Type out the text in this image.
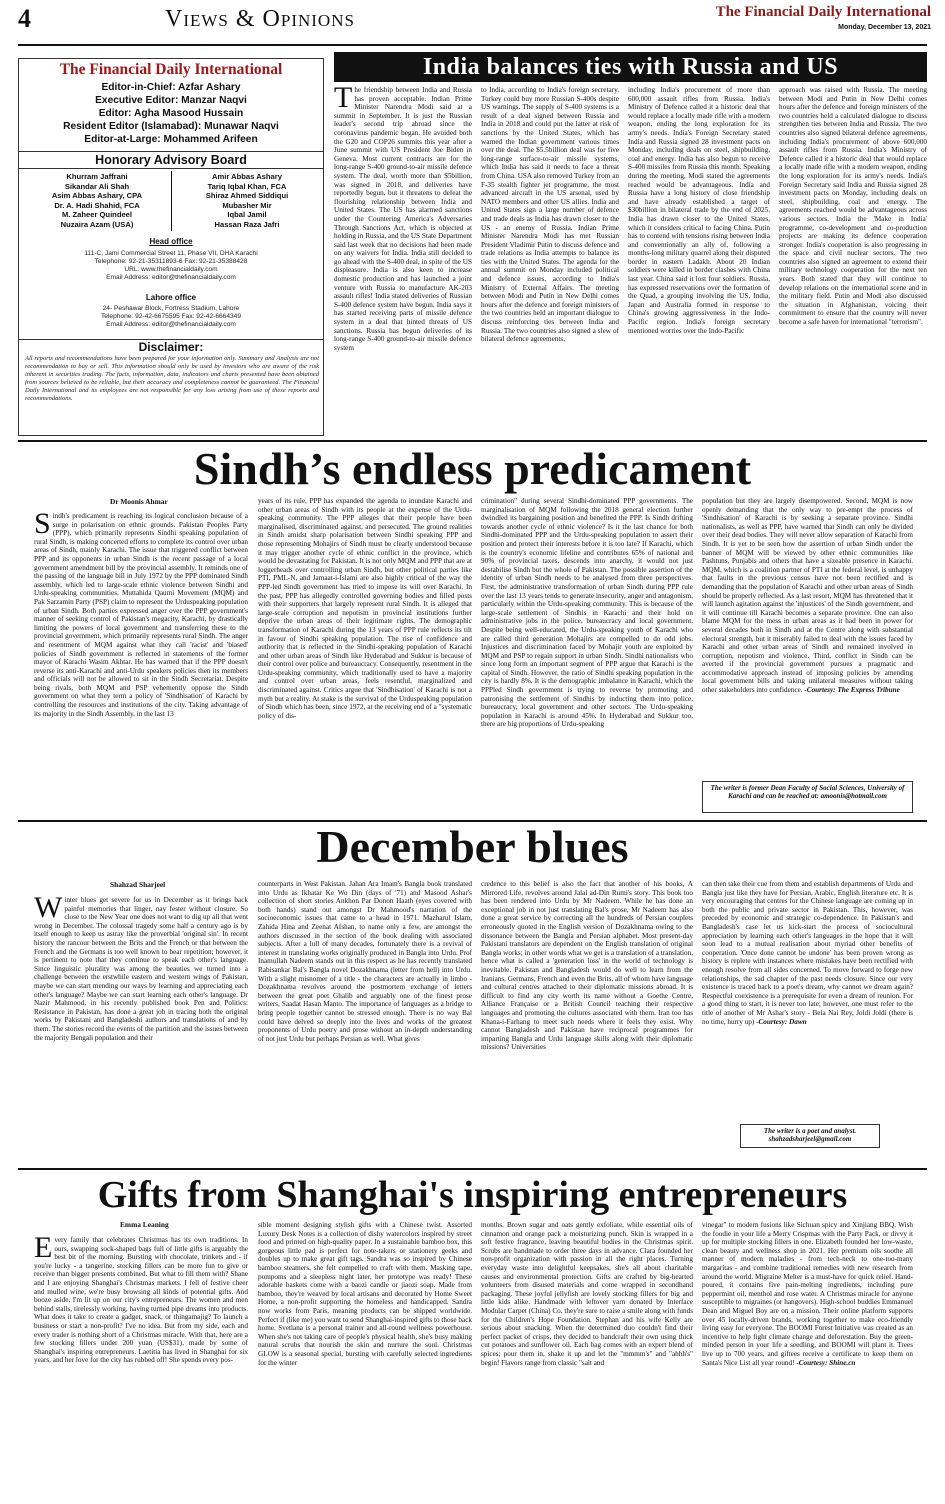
4	Views & Opinions	The Financial Daily International
Monday, December 13, 2021
The Financial Daily International
Editor-in-Chief: Azfar Ashary
Executive Editor: Manzar Naqvi
Editor: Agha Masood Hussain
Resident Editor (Islamabad): Munawar Naqvi
Editor-at-Large: Mohammed Arifeen
Honorary Advisory Board
Khurram Jaffrani
Sikandar Ali Shah
Asim Abbas Ashary, CPA
Dr. A. Hadi Shahid, FCA
M. Zaheer Quindeel
Nuzaira Azam (USA)
Amir Abbas Ashary
Tariq Iqbal Khan, FCA
Shiraz Ahmed Siddiqui
Mubasher Mir
Iqbal Jamil
Hassan Raza Jafri
Head office
111-C, Jami Commercial Street 11, Phase VII, DHA Karachi
Telephone: 92-21-35311893-6 Fax: 92-21-35388428
URL: www.thefinancialdaily.com
Email Address: editor@thefinancialdaily.com
Lahore office
24- Peshawar Block, Fortress Stadium, Lahore
Telephone: 92-42-6675595 Fax: 92-42-6664349
Email Address: editor@thefinancialdaily.com
Disclaimer:
All reports and recommendations have been prepared for your information only. Summary and Analysis are not recommendation to buy or sell. This information should only be used by investors who are aware of the risk inherent in securities trading. The facts, information, data, indicators and charts presented have been obtained from sources believed to be reliable, but their accuracy and completeness cannot be guaranteed. The Financial Daily International and its employees are not responsible for any loss arising from use of these reports and recommendations.
India balances ties with Russia and US
The friendship between India and Russia has proven acceptable. Indian Prime Minister Narendra Modi said at a summit in September. It is just the Russian leader's second trip abroad since the coronavirus pandemic began. He avoided both the G20 and COP26 summits this year after a June summit with US President Joe Biden in Geneva. Most current contracts are for the long-range S-400 ground-to-air missile defence system. The deal, worth more than $5billion, was signed in 2018, and deliveries have reportedly begun, but it threatens to defeat the flourishing relationship between India and United States. The US has alarmed sanctions under the Countering America's Adversaries Through Sanctions Act, which is objected at holding in Russia, and the US State Department said last week that no decisions had been made on any waivers for India. India still decided to go ahead with the S-400 deal, in spite of the US displeasure. India is also keen to increase domestic production and has launched a joint venture with Russia to manufacture AK-203 assault rifles! India stated deliveries of Russian S-400 defence system have begun. India says it has started receiving parts of missile defence system in a deal that hinted threats of US sanctions. Russia has begun deliveries of its long-range S-400 ground-to-air missile defence system
to India, according to India's foreign secretary. Turkey could buy more Russian S-400s despite US warnings. The supply of S-400 systems is a result of a deal signed between Russia and India in 2018 and could put the latter at risk of sanctions by the United States, which has warned the Indian government various times over the deal. The $5.5billion deal was for five long-range surface-to-air missile systems, which India has said it needs to face a threat from China. USA also removed Turkey from an F-35 stealth fighter jet programme, the most advanced aircraft in the US arsenal, used by NATO members and other US allies. India and United States sign a large number of defence and trade deals as India has drawn closer to the US - an enemy of Russia. Indian Prime Minister Narendra Modi has met Russian President Vladimir Putin to discuss defence and trade relations as India attempts to balance its ties with the United States. The agenda for the annual summit on Monday included political and defence issues, according to India's Ministry of External Affairs. The meeting between Modi and Putin in New Delhi comes hours after the defence and foreign ministers of the two countries held an important dialogue to discuss reinforcing ties between India and Russia. The two countries also signed a slew of bilateral defence agreements,
including India's procurement of more than 600,000 assault rifles from Russia. India's Ministry of Defence called it a historic deal that would replace a locally made rifle with a modern weapon, ending the long exploration for its army's needs. India's Foreign Secretary stated India and Russia signed 28 investment pacts on Monday, including deals on steel, shipbuilding, coal and energy. India has also begun to receive S-400 missiles from Russia this month. Speaking during the meeting, Modi stated the agreements reached would be advantageous. India and Russia have a long history of close friendship and have already established a target of $30billion in bilateral trade by the end of 2025. India has drawn closer to the United States, which it considers critical to facing China. Putin has to contend with tensions rising between India and conventionally an ally of, following a months-long military quarrel along their disputed border in eastern Ladakh. About 20 Indian soldiers were killed in border clashes with China last year. China said it lost four soldiers. Russia, has expressed reservations over the formation of the Quad, a grouping involving the US, India, Japan and Australia formed in response to China's growing aggressiveness in the Indo-Pacific region. India's foreign secretary mentioned worries over the Indo-Pacific
approach was raised with Russia. The meeting between Modi and Putin in New Delhi comes hours after the defence and foreign ministers of the two countries held a calculated dialogue to discuss strengthen ties between India and Russia. The two countries also signed bilateral defence agreements, including India's procurement of above 600,000 assault rifles from Russia. India's Ministry of Defence called it a historic deal that would replace a locally made rifle with a modern weapon, ending the long exploration for its army's needs. India's Foreign Secretary said India and Russia signed 28 investment pacts on Monday, including deals on steel, shipbuilding, coal and energy. The agreements reached would be advantageous across various sectors. India the 'Make in India' programme, co-development and co-production projects are making its defence cooperation stronger. India's cooperation is also progressing in the space and civil nuclear sectors. The two countries also signed an agreement to extend their military technology cooperation for the next ten years. Both stated that they will continue to develop relations on the international scene and in the military field. Putin and Modi also discussed the situation in Afghanistan, voicing their commitment to ensure that the country will never become a safe haven for international "terrorism".
Sindh’s endless predicament
Dr Moonis Ahmar
Sindh's predicament is reaching its logical conclusion because of a surge in polarisation on ethnic grounds. Pakistan Peoples Party (PPP), which primarily represents Sindhi speaking population of rural Sindh, is making concerted efforts to complete its control over urban areas of Sindh, mainly Karachi. The issue that triggered conflict between PPP and its opponents in urban Sindh is the recent passage of a local government amendment bill by the provincial assembly. It reminds one of the passing of the language bill in July 1972 by the PPP dominated Sindh assembly, which led to large-scale ethnic violence between Sindhi and Urdu-speaking communities. Muttahida Qaumi Movement (MQM) and Pak Sarzamin Party (PSP) claim to represent the Urduspeaking population of urban Sindh. Both parties expressed anger over the PPP government's manner of seeking control of Pakistan's megacity, Karachi, by drastically limiting the powers of local government and transferring these to the provincial government, which primarily represents rural Sindh. The anger and resentment of MQM against what they call 'racist' and 'biased' policies of Sindh government is reflected in statements of the former mayor of Karachi Wasim Akhtar. He has warned that if the PPP doesn't reverse its anti-Karachi and anti-Urdu speakers policies then its members and officials will not be allowed to sit in the Sindh Secretariat. Despite being rivals, both MQM and PSP vehemently oppose the Sindh government on what they term a policy of 'Sindhisation' of Karachi by controlling the resources and institutions of the city. Taking advantage of its majority in the Sindh Assembly, in the last 13
years of its rule, PPP has expanded the agenda to inundate Karachi and other urban areas of Sindh with its people at the expense of the Urdu-speaking community. The PPP alleges that their people have been marginalised, discriminated against, and persecuted. The ground realities in Sindh amidst sharp polarisation between Sindhi speaking PPP and those representing Mohajirs of Sindh must be clearly understood because it may trigger another cycle of ethnic conflict in the province, which would be devastating for Pakistan. It is not only MQM and PPP that are at loggerheads over controlling urban Sindh, but other political parties like PTI, PML-N, and Jamaat-i-Islami are also highly critical of the way the PPP-led Sindh government has tried to impose its will over Karachi. In the past, PPP has allegedly controlled governing bodies and filled posts with their supporters that largely represent rural Sindh. It is alleged that large-scale corruption and nepotism in provincial institutions further deprive the urban areas of their legitimate rights. The demographic transformation of Karachi during the 13 years of PPP rule reflects its tilt in favour of Sindhi speaking population. The rise of confidence and authority that is reflected in the Sindhi-speaking population of Karachi and other urban areas of Sindh like Hyderabad and Sukkur is because of their control over police and bureaucracy. Consequently, resentment in the Urdu-speaking community, which traditionally used to have a majority and control over urban areas, feels resentful, marginalized and discriminated against. Critics argue that 'Sindhisation' of Karachi is not a myth but a reality. At stake is the survival of the Urduspeaking population of Sindh which has been, since 1972, at the receiving end of a "systematic policy of dis-
crimination" during several Sindhi-dominated PPP governments. The marginalisation of MQM following the 2018 general election further dwindled its bargaining position and benefited the PPP. Is Sindh drifting towards another cycle of ethnic violence? Is it the last chance for both Sindhi-dominated PPP and the Urdu-speaking population to assert their position and protect their interests before it is too late? If Karachi, which is the country's economic lifeline and contributes 65% of national and 90% of provincial taxes, descends into anarchy, it would not just destabilise Sindh but the whole of Pakistan. The possible assertion of the identity of urban Sindh needs to be analysed from three perspectives. First, the administrative transformation of urban Sindh during PPP rule over the last 13 years tends to generate insecurity, anger and antagonism, particularly within the Urdu-speaking community. This is because of the large-scale settlement of Sindhis in Karachi and their hold on administrative jobs in the police, bureaucracy and local government. Despite being well-educated, the Urdu-speaking youth of Karachi who are called third generation Mohajirs are compelled to do odd jobs. Injustices and discrimination faced by Mohajir youth are exploited by MQM and PSP to regain support in urban Sindh. Sindhi nationalists who since long form an important segment of PPP argue that Karachi is the capital of Sindh. However, the ratio of Sindhi speaking population in the city is hardly 8%. It is the demographic imbalance in Karachi, which the PPPled Sindh government is trying to reverse by promoting and patronising the settlement of Sindhis by inducting them into police, bureaucracy, local government and other sectors. The Urdu-speaking population in Karachi is around 45%. In Hyderabad and Sukkur too, there are big proportions of Urdu-speaking
population but they are largely disempowered. Second, MQM is now openly demanding that the only way to pre-empt the process of 'Sindhisation' of Karachi is by seeking a separate province. Sindhi nationalists, as well as PPP, have warned that Sindh can only be divided over their dead bodies. They will never allow separation of Karachi from Sindh. It is yet to be seen how the assertion of urban Sindh under the banner of MQM will be viewed by other ethnic communities like Pashtuns, Punjabis and others that have a sizeable presence in Karachi. MQM, which is a coalition partner of PTI at the federal level, is unhappy that faults in the previous census have not been rectified and is demanding that the population of Karachi and other urban areas of Sindh should be properly reflected. As a last resort, MQM has threatened that it will launch agitation against the 'injustices' of the Sindh government, and it will continue till Karachi becomes a separate province. One can also blame MQM for the mess in urban areas as it had been in power for several decades both in Sindh and at the Centre along with substantial electoral strength, but it miserably failed to deal with the issues faced by Karachi and other urban areas of Sindh and remained involved in corruption, nepotism and violence. Third, conflict in Sindh can be averted if the provincial government pursues a pragmatic and accommodative approach instead of imposing policies by amending local government bills and taking unilateral measures without taking other stakeholders into confidence. -Courtesy: The Express Tribune
The writer is former Dean Faculty of Social Sciences, University of Karachi and can be reached at: amoonis@hotmail.com
December blues
Shahzad Sharjeel
Winter blues get severe for us in December as it brings back painful memories that linger, nay fester without closure. So close to the New Year one does not want to dig up all that went wrong in December. The colossal tragedy some half a century ago is by itself enough to keep us astray like the proverbial 'original sin'. In recent history the rancour between the Brits and the French or that between the French and the Germans is too well known to bear repetition; however, it is pertinent to note that they continue to speak each other's language. Since linguistic plurality was among the beauties we turned into a challenge between the erstwhile eastern and western wings of Pakistan, maybe we can start mending our ways by learning and appreciating each other's language? Maybe we can start learning each other's language. Dr Nazir Mahmood, in his recently published book Pen and Politics: Resistance in Pakistan, has done a great job in tracing both the original works by Pakistani and Bangladeshi authors and translations of and by them. The stories record the events of the partition and the issues between the majority Bengali population and their
counterparts in West Pakistan. Jahan Ara Imam's Bangla book translated into Urdu as Ikhatar Ke Wo Din (days of '71) and Masood Ashar's collection of short stories Ankhon Par Donon Haath (eyes covered with both hands) stand out amongst Dr Mahmood's narration of the socioeconomic issues that came to a head in 1971. Mazharul Islam, Zahida Hina and Zeenat Afshan, to name only a few, are amongst the authors discussed in the section of the book dealing with associated subjects. After a lull of many decades, fortunately there is a revival of interest in translating works originally produced in Bangla into Urdu. Prof Inamullah Nadeem stands out in this respect as he has recently translated Rabisankar Bal's Bangla novel Dozakhnama (letter from hell) into Urdu. With a slight misnomer of a title - the characters are actually in limbo - Dozakhnama revolves around the postmortem exchange of letters between the great poet Ghalib and arguably one of the finest prose writers, Saadat Hasan Manto. The importance of languages as a bridge to bring people together cannot be stressed enough. There is no way Bal could have delved so deeply into the lives and works of the greatest proponents of Urdu poetry and prose without an in-depth understanding of not just Urdu but perhaps Persian as well. What gives
credence to this belief is also the fact that another of his books, A Mirrored Life, revolves around Jalal ad-Din Rumi's story. This book too has been rendered into Urdu by Mr Nadeem. While he has done an exceptional job in not just translating Bal's prose, Mr Nadeem has also done a great service by correcting all the hundreds of Persian couplets erroneously quoted in the English version of Dozakhnama owing to the dissonance between the Bangla and Persian alphabet. Most present-day Pakistani translators are dependent on the English translation of original Bangla works; in other words what we get is a translation of a translation, hence what is called a 'generation loss' in the world of technology is inevitable. Pakistan and Bangladesh would do well to learn from the Iranians, Germans, French and even the Brits, all of whom have language and cultural centres attached to their diplomatic missions abroad. It is difficult to find any city worth its name without a Goethe Centre, Alliance Française or a British Council teaching their respective languages and promoting the cultures associated with them. Iran too has Khana-i-Farhang to meet such needs where it feels they exist. Why cannot Bangladesh and Pakistan have reciprocal programmes for imparting Bangla and Urdu language skills along with their diplomatic missions? Universities
can then take their cue from them and establish departments of Urdu and Bangla just like they have for Persian, Arabic, English literature etc. It is very encouraging that centres for the Chinese language are coming up in both the public and private sector in Pakistan. This, however, was preceded by economic and strategic co-dependence. In Pakistan's and Bangladesh's case let us kick-start the process of sociocultural appreciation by learning each other's languages in the hope that it will soon lead to a mutual realisation about myriad other benefits of cooperation. 'Once done cannot be undone' has been proven wrong as history is replete with instances where mistakes have been rectified with enough resolve from all sides concerned. To move forward to forge new relationships, the sad chapter of the past needs closure. Since our very existence is traced back to a poet's dream, why cannot we dream again? Respectful coexistence is a prerequisite for even a dream of reunion. For a good thing to start, it is never too late; however, one must refer to the title of another of Mr Ashar's story - Bela Nai Rey, Joldi Joldi (there is no time, hurry up) -Courtesy: Dawn
The writer is a poet and analyst. shahzadsharjeel@gmail.com
Gifts from Shanghai's inspiring entrepreneurs
Emma Leaning
Every family that celebrates Christmas has its own traditions. In ours, swapping sock-shaped bags full of little gifts is arguably the best bit of the morning. Bursting with chocolate, trinkets and - if you're lucky - a tangerine, stocking fillers can be more fun to give or receive than bigger presents combined. But what to fill them with? Shane and I are enjoying Shanghai's Christmas markets. I fell of festive cheer and mulled wine, we're busy browsing all kinds of potential gifts. And booze aside, I'm lit up on our city's entrepreneurs. The women and men behind stalls, tirelessly working, having turned pipe dreams into products. What does it take to create a gadget, snack, or thingamajig? To launch a business or start a non-profit? I've no idea. But from my side, each and every trader is nothing short of a Christmas miracle. With that, here are a few stocking fillers under 200 yuan (US$31), made by some of Shanghai's inspiring entrepreneurs. Laetitia has lived in Shanghai for six years, and her love for the city has rubbed off! She spends every pos-
sible moment designing stylish gifts with a Chinese twist. Assorted Luxury Desk Notes is a collection of dishy watercolors inspired by street food and printed on high-quality paper. In a sustainable bamboo box, this gorgeous little pad is perfect for note-takers or stationery geeks and doubles up to make great gift tags. Sandra was so inspired by Chinese bamboo steamers, she felt compelled to craft with them. Masking tape, pompoms and a sleepless night later, her prototype was ready! These adorable baskets come with a baozi candle or jiaozi soap. Made from bamboo, they're weaved by local artisans and decorated by Home Sweet Home, a non-profit supporting the homeless and handicapped. Sandra now works from Paris, meaning products can be shipped worldwide. Perfect if (like me) you want to send Shanghai-inspired gifts to those back home. Svetlana is a personal trainer and all-round wellness powerhouse. When she's not taking care of people's physical health, she's busy making natural scrubs that nourish the skin and nurture the soul. Christmas GLOW is a seasonal special, bursting with carefully selected ingredients for the winter
months. Brown sugar and oats gently exfoliate, while essential oils of cinnamon and orange pack a moisturizing punch. Skin is wrapped in a soft festive fragrance, leaving beautiful bodies in the Christmas spirit. Scrubs are handmade to order three days in advance. Clara founded her non-profit organization with passion in all the right places. Turning everyday waste into delightful keepsakes, she's all about charitable causes and environmental protection. Gifts are crafted by big-hearted volunteers from disused materials and come wrapped in secondhand packaging. These joyful jellyfish are lovely stocking fillers for big and little kids alike. Handmade with leftover yarn donated by Interface Modular Carpet (China) Co, they're sure to raise a smile along with funds for the Children's Hope Foundation. Stephan and his wife Kelly are serious about snacking. When the determined duo couldn't find their perfect packet of crisps, they decided to handcraft their own using thick cut potatoes and sunflower oil. Each bag comes with an expert blend of spices; pour them in, shake it up and let the "mmmm's" and "ahhh's" begin! Flavors range from classic "salt and
vinegar" to modern fusions like Sichuan spicy and Xinjiang BBQ. Wish the foodie in your life a Merry Crispmas with the Party Pack, or divvy it up for multiple stocking fillers in one. Elizabeth founded her low-waste, clean beauty and wellness shop in 2021. Her premium oils soothe all manner of modern maladies - from tech-neck to one-too-many margaritas - and combine traditional remedies with new research from around the world. Migraine Melter is a must-have for quick relief. Hand-poured, it contains five pain-melting ingredients, including pure peppermint oil, menthol and rose water. A Christmas miracle for anyone susceptible to migraines (or hangovers). High-school buddies Emmanuel Dean and Miguel Boy are on a mission. Their online platform supports over 45 locally-driven brands, working together to make eco-friendly living easy for everyone. The BOOMI Forest Initiative was created as an incentive to help fight climate change and deforestation. Buy the green-minded person in your life a seedling, and BOOMI will plant it. Trees live up to 700 years, and giftees receive a certificate to keep them on Santa's Nice List all year round! -Courtesy: Shine.cn
